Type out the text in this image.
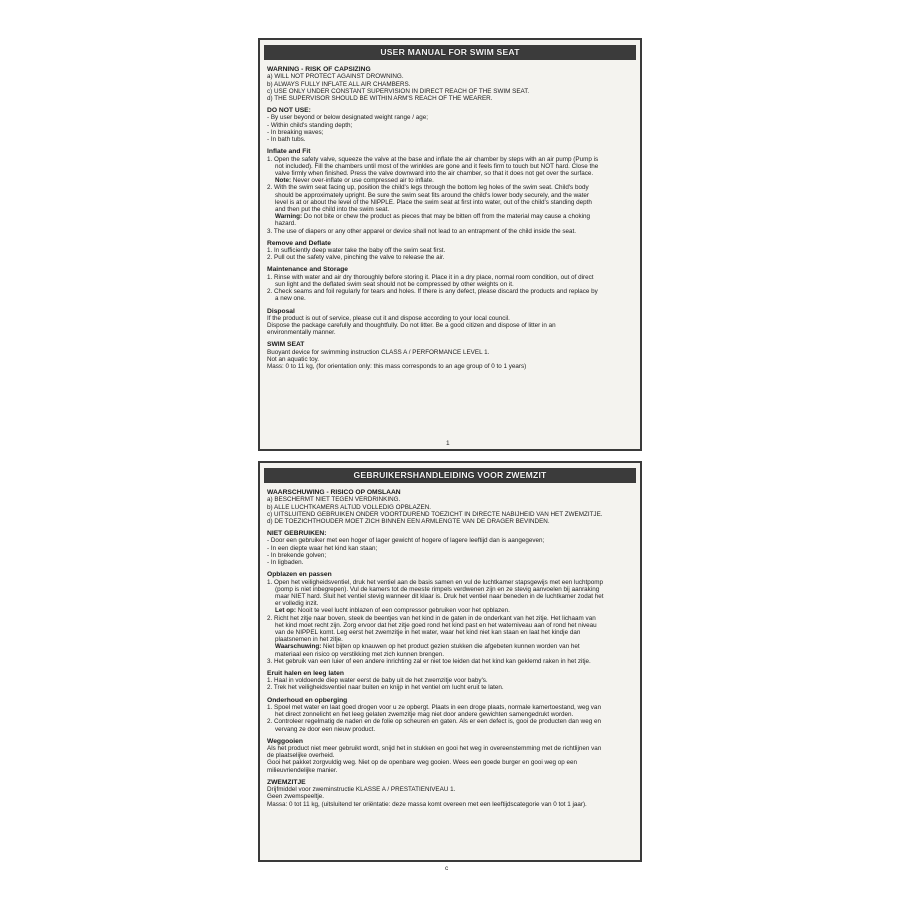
USER MANUAL FOR SWIM SEAT
WARNING - RISK OF CAPSIZING
a) WILL NOT PROTECT AGAINST DROWNING.
b) ALWAYS FULLY INFLATE ALL AIR CHAMBERS.
c) USE ONLY UNDER CONSTANT SUPERVISION IN DIRECT REACH OF THE SWIM SEAT.
d) THE SUPERVISOR SHOULD BE WITHIN ARM'S REACH OF THE WEARER.
DO NOT USE:
- By user beyond or below designated weight range / age;
- Within child's standing depth;
- In breaking waves;
- In bath tubs.
Inflate and Fit
1. Open the safety valve, squeeze the valve at the base and inflate the air chamber by steps with an air pump (Pump is
not included). Fill the chambers until most of the wrinkles are gone and it feels firm to touch but NOT hard. Close the
valve firmly when finished. Press the valve downward into the air chamber, so that it does not get over the surface.
Note: Never over-inflate or use compressed air to inflate.
2. With the swim seat facing up, position the child's legs through the bottom leg holes of the swim seat. Child's body
should be approximately upright. Be sure the swim seat fits around the child's lower body securely, and the water
level is at or about the level of the NIPPLE. Place the swim seat at first into water, out of the child's standing depth
and then put the child into the swim seat.
Warning: Do not bite or chew the product as pieces that may be bitten off from the material may cause a choking
hazard.
3. The use of diapers or any other apparel or device shall not lead to an entrapment of the child inside the seat.
Remove and Deflate
1. In sufficiently deep water take the baby off the swim seat first.
2. Pull out the safety valve, pinching the valve to release the air.
Maintenance and Storage
1. Rinse with water and air dry thoroughly before storing it. Place it in a dry place, normal room condition, out of direct
sun light and the deflated swim seat should not be compressed by other weights on it.
2. Check seams and foil regularly for tears and holes. If there is any defect, please discard the products and replace by
a new one.
Disposal
If the product is out of service, please cut it and dispose according to your local council.
Dispose the package carefully and thoughtfully. Do not litter. Be a good citizen and dispose of litter in an
environmentally manner.
SWIM SEAT
Buoyant device for swimming instruction CLASS A / PERFORMANCE LEVEL 1.
Not an aquatic toy.
Mass: 0 to 11 kg, (for orientation only: this mass corresponds to an age group of 0 to 1 years)
1
GEBRUIKERSHANDLEIDING VOOR ZWEMZIT
WAARSCHUWING - RISICO OP OMSLAAN
a) BESCHERMT NIET TEGEN VERDRINKING.
b) ALLE LUCHTKAMERS ALTIJD VOLLEDIG OPBLAZEN.
c) UITSLUITEND GEBRUIKEN ONDER VOORTDUREND TOEZICHT IN DIRECTE NABIJHEID VAN HET ZWEMZITJE.
d) DE TOEZICHTHOUDER MOET ZICH BINNEN EEN ARMLENGTE VAN DE DRAGER BEVINDEN.
NIET GEBRUIKEN:
- Door een gebruiker met een hoger of lager gewicht of hogere of lagere leeftijd dan is aangegeven;
- In een diepte waar het kind kan staan;
- In brekende golven;
- In ligbaden.
Opblazen en passen
1. Open het veiligheidsventiel, druk het ventiel aan de basis samen en vul de luchtkamer stapsgewijs met een luchtpomp
(pomp is niet inbegrepen). Vul de kamers tot de meeste rimpels verdwenen zijn en ze stevig aanvoelen bij aanraking
maar NIET hard. Sluit het ventiel stevig wanneer dit klaar is. Druk het ventiel naar beneden in de luchtkamer zodat het
er volledig inzit.
Let op: Nooit te veel lucht inblazen of een compressor gebruiken voor het opblazen.
2. Richt het zitje naar boven, steek de beentjes van het kind in de gaten in de onderkant van het zitje. Het lichaam van
het kind moet recht zijn. Zorg ervoor dat het zitje goed rond het kind past en het waterniveau aan of rond het niveau
van de NIPPEL komt. Leg eerst het zwemzitje in het water, waar het kind niet kan staan en laat het kindje dan
plaatsnemen in het zitje.
Waarschuwing: Niet bijten op knauwen op het product gezien stukken die afgebeten kunnen worden van het
materiaal een risico op verstikking met zich kunnen brengen.
3. Het gebruik van een luier of een andere inrichting zal er niet toe leiden dat het kind kan geklemd raken in het zitje.
Eruit halen en leeg laten
1. Haal in voldoende diep water eerst de baby uit de het zwemzitje voor baby's.
2. Trek het veiligheidsventiel naar buiten en knijp in het ventiel om lucht eruit te laten.
Onderhoud en opberging
1. Spoel met water en laat goed drogen voor u ze opbergt. Plaats in een droge plaats, normale kamertoestand, weg van
het direct zonnelicht en het leeg gelaten zwemzitje mag niet door andere gewichten samengedrukt worden.
2. Controleer regelmatig de naden en de folie op scheuren en gaten. Als er een defect is, gooi de producten dan weg en
vervang ze door een nieuw product.
Weggooien
Als het product niet meer gebruikt wordt, snijd het in stukken en gooi het weg in overeenstemming met de richtlijnen van
de plaatselijke overheid.
Gooi het pakket zorgvuldig weg. Niet op de openbare weg gooien. Wees een goede burger en gooi weg op een
milieuvriendelijke manier.
ZWEMZITJE
Drijfmiddel voor zweminstructie KLASSE A / PRESTATIENIVEAU 1.
Geen zwemspeeltje.
Massa: 0 tot 11 kg, (uitsluitend ter oriëntatie: deze massa komt overeen met een leeftijdscategorie van 0 tot 1 jaar).
c
